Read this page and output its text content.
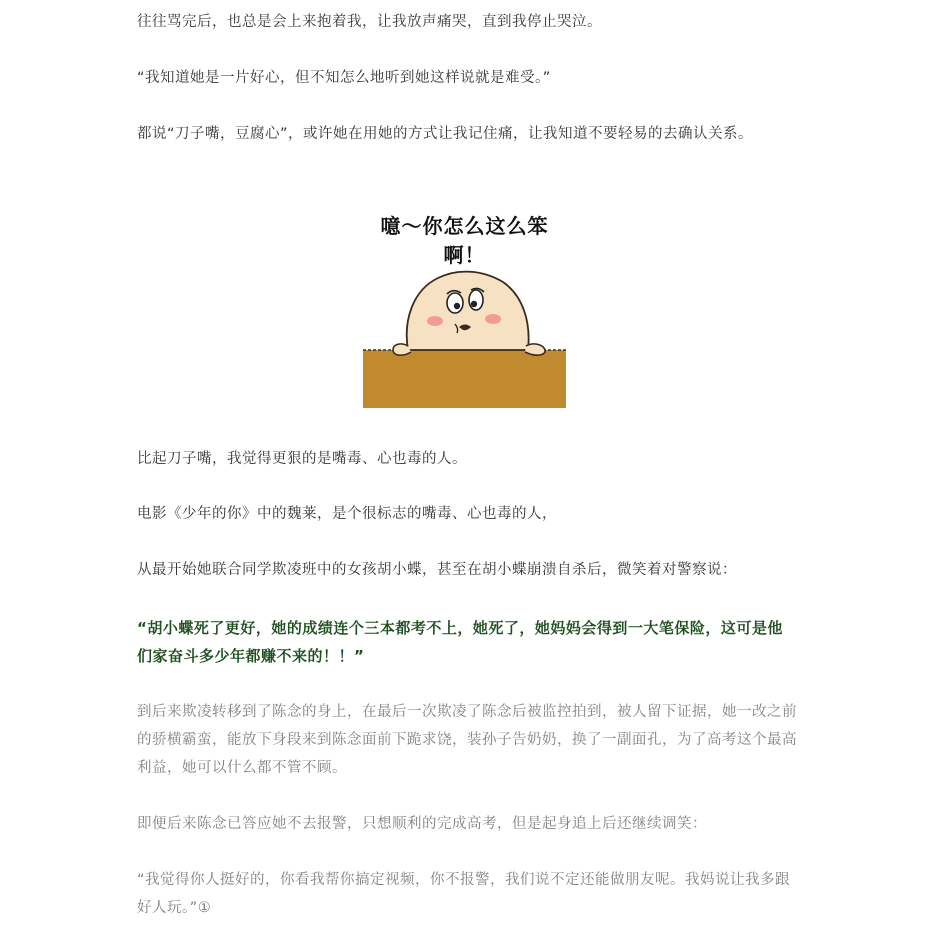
往往骂完后，也总是会上来抱着我，让我放声痛哭，直到我停止哭泣。

“我知道她是一片好心，但不知怎么地听到她这样说就是难受。”

都说“刀子嘴，豆腐心”，或许她在用她的方式让我记住痛，让我知道不要轻易的去确认关系。

比起刀子嘴，我觉得更狠的是嘴毒、心也毒的人。

电影《少年的你》中的魏莱，是个很标志的嘴毒、心也毒的人，

从最开始她联合同学欺凌班中的女孩胡小蝶，甚至在胡小蝶崩溃自杀后，微笑着对警察说：

“胡小蝶死了更好，她的成绩连个三本都考不上，她死了，她妈妈会得到一大笔保险，这可是他们家奋斗多少年都赚不来的！！”

到后来欺凌转移到了陈念的身上，在最后一次欺凌了陈念后被监控拍到，被人留下证据，她一改之前的骄横霸蛮，能放下身段来到陈念面前下跪求饶，装孙子告奶奶，换了一副面孔，为了高考这个最高利益，她可以什么都不管不顾。

即便后来陈念已答应她不去报警，只想顺利的完成高考，但是起身追上后还继续调笑：

“我觉得你人挺好的，你看我帮你搞定视频，你不报警，我们说不定还能做朋友呢。我妈说让我多跟好人玩。”①

噫～你怎么这么笨
啊！
